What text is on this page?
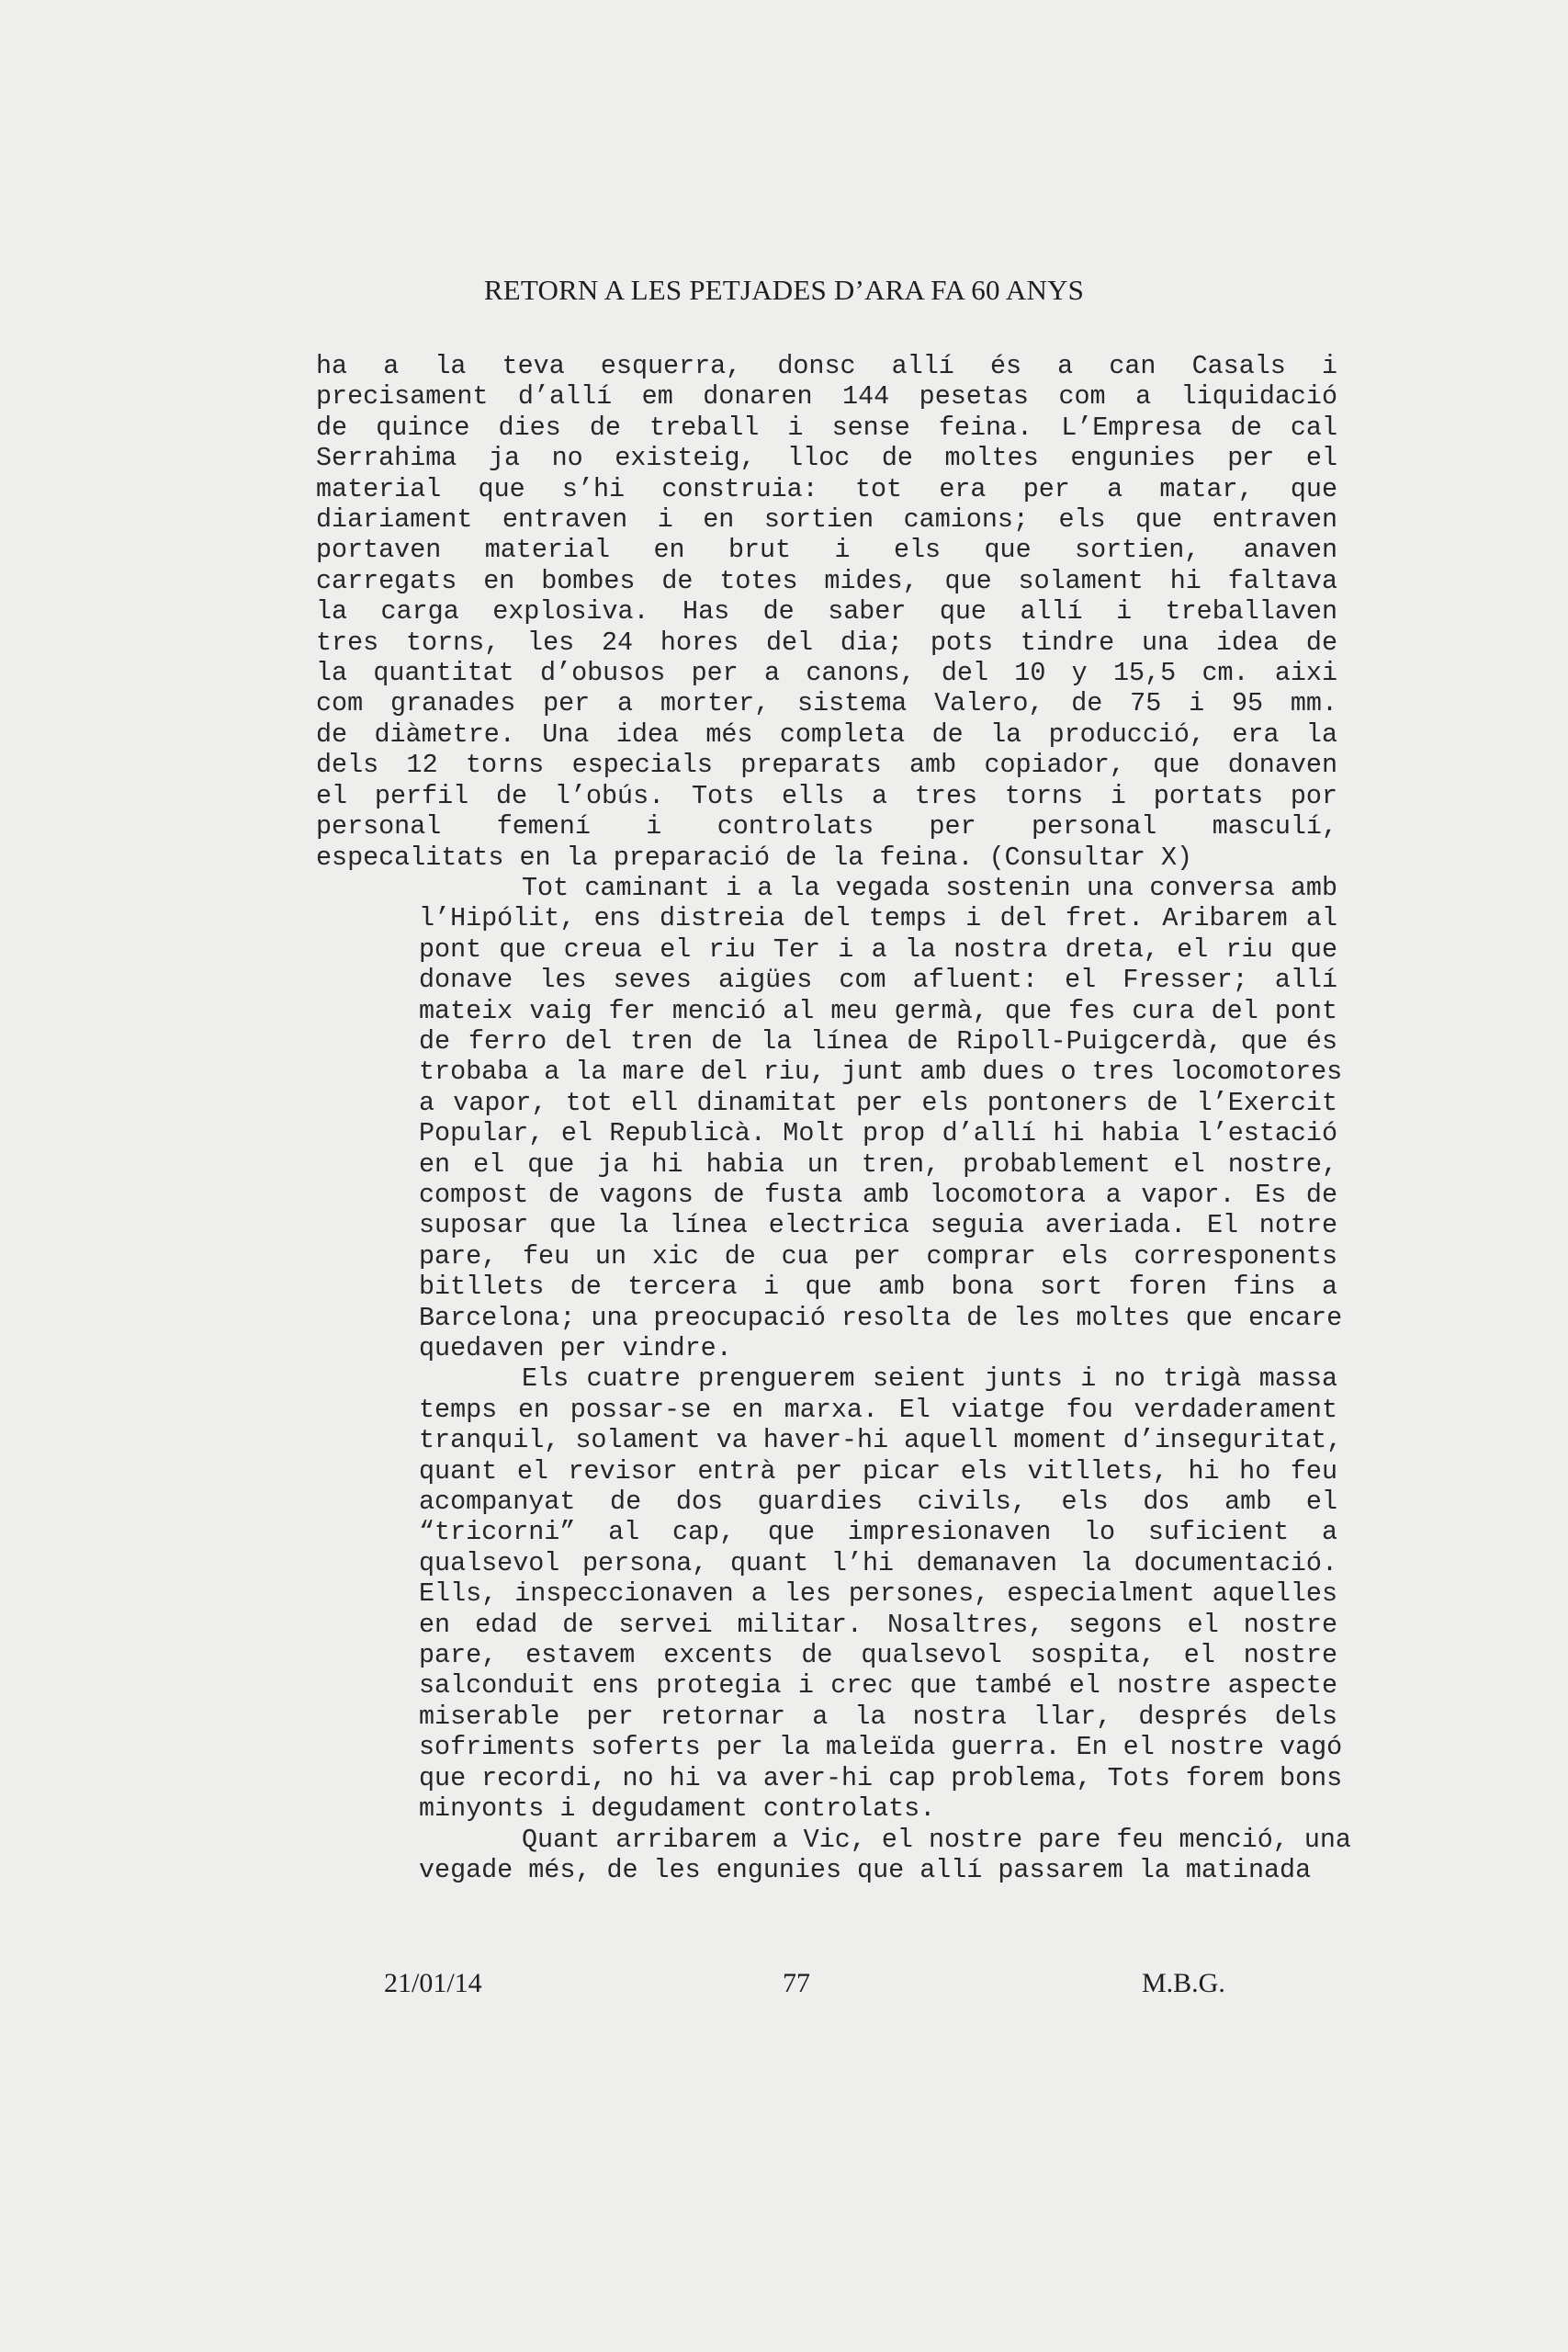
RETORN A LES PETJADES D’ARA FA 60 ANYS
ha a la teva esquerra, donsc allí és a can Casals i
precisament d’allí em donaren 144 pesetas com a liquidació
de quince dies de treball i sense feina. L’Empresa de cal
Serrahima ja no existeig, lloc de moltes engunies per el
material que s’hi construia: tot era per a matar, que
diariament entraven i en sortien camions; els que entraven
portaven material en brut i els que sortien, anaven
carregats en bombes de totes mides, que solament hi faltava
la carga explosiva. Has de saber que allí i treballaven
tres torns, les 24 hores del dia; pots tindre una idea de
la quantitat d’obusos per a canons, del 10 y 15,5 cm. aixi
com granades per a morter, sistema Valero, de 75 i 95 mm.
de diàmetre. Una idea més completa de la producció, era la
dels 12 torns especials preparats amb copiador, que donaven
el perfil de l’obús. Tots ells a tres torns i portats por
personal femení i controlats per personal masculí,
especalitats en la preparació de la feina. (Consultar X)
Tot caminant i a la vegada sostenin una conversa amb
l’Hipólit, ens distreia del temps i del fret. Aribarem al
pont que creua el riu Ter i a la nostra dreta, el riu que
donave les seves aigües com afluent: el Fresser; allí
mateix vaig fer menció al meu germà, que fes cura del pont
de ferro del tren de la línea de Ripoll-Puigcerdà, que és
trobaba a la mare del riu, junt amb dues o tres locomotores
a vapor, tot ell dinamitat per els pontoners de l’Exercit
Popular, el Republicà. Molt prop d’allí hi habia l’estació
en el que ja hi habia un tren, probablement el nostre,
compost de vagons de fusta amb locomotora a vapor. Es de
suposar que la línea electrica seguia averiada. El notre
pare, feu un xic de cua per comprar els corresponents
bitllets de tercera i que amb bona sort foren fins a
Barcelona; una preocupació resolta de les moltes que encare
quedaven per vindre.
Els cuatre prenguerem seient junts i no trigà massa
temps en possar-se en marxa. El viatge fou verdaderament
tranquil, solament va haver-hi aquell moment d’inseguritat,
quant el revisor entrà per picar els vitllets, hi ho feu
acompanyat de dos guardies civils, els dos amb el
“tricorni” al cap, que impresionaven lo suficient a
qualsevol persona, quant l’hi demanaven la documentació.
Ells, inspeccionaven a les persones, especialment aquelles
en edad de servei militar. Nosaltres, segons el nostre
pare, estavem excents de qualsevol sospita, el nostre
salconduit ens protegia i crec que també el nostre aspecte
miserable per retornar a la nostra llar, després dels
sofriments soferts per la maleïda guerra. En el nostre vagó
que recordi, no hi va aver-hi cap problema, Tots forem bons
minyonts i degudament controlats.
Quant arribarem a Vic, el nostre pare feu menció, una
vegade més, de les engunies que allí passarem la matinada
21/01/14	77	M.B.G.
